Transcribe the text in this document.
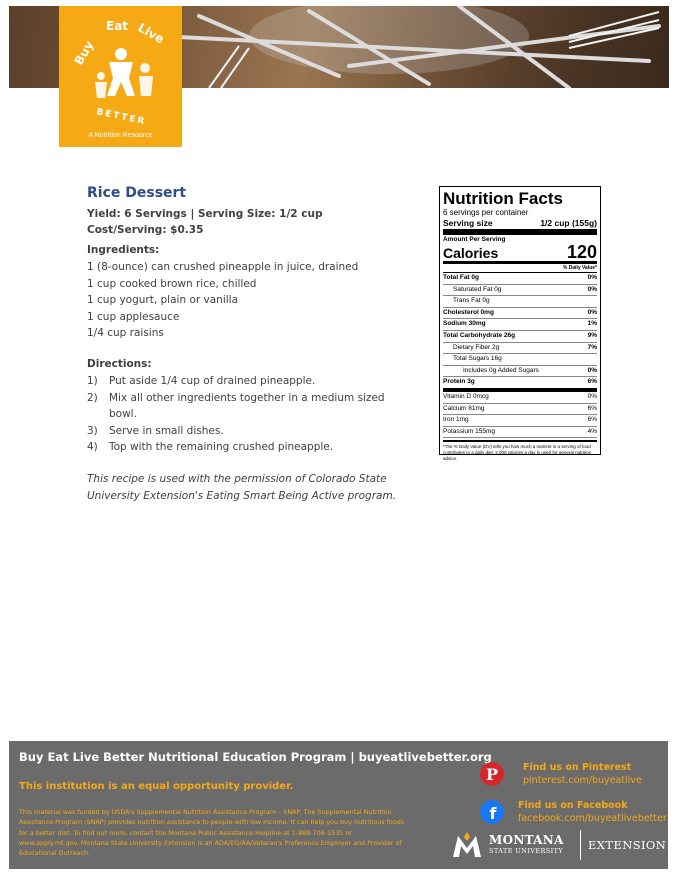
Buy
Eat Live
BETTER
A Nutrition Resource
Rice Dessert
Yield: 6 Servings | Serving Size: 1/2 cup
Cost/Serving: $0.35
Ingredients:
1 (8-ounce) can crushed pineapple in juice, drained
1 cup cooked brown rice, chilled
1 cup yogurt, plain or vanilla
1 cup applesauce
1/4 cup raisins
Directions:
1)	Put aside 1/4 cup of drained pineapple.
2)	Mix all other ingredients together in a medium sized bowl.
3)	Serve in small dishes.
4)	Top with the remaining crushed pineapple.
This recipe is used with the permission of Colorado State University Extension's Eating Smart Being Active program.
Nutrition Facts
6 servings per container
Serving size	1/2 cup (155g)
Amount Per Serving
Calories	120
% Daily Value*
Total Fat 0g	0%
Saturated Fat 0g	0%
Trans Fat 0g
Cholesterol 0mg	0%
Sodium 30mg	1%
Total Carbohydrate 26g	9%
Dietary Fiber 2g	7%
Total Sugars 16g
Includes 0g Added Sugars	0%
Protein 3g	6%
Vitamin D 0mcg	0%
Calcium 81mg	6%
Iron 1mg	6%
Potassium 155mg	4%
*The % Daily Value (DV) tells you how much a nutrient in a serving of food contributes to a daily diet. 2,000 calories a day is used for general nutrition advice.
Buy Eat Live Better Nutritional Education Program | buyeatlivebetter.org
This institution is an equal opportunity provider.
This material was funded by USDA's Supplemental Nutrition Assistance Program – SNAP. The Supplemental Nutrition Assistance Program (SNAP) provides nutrition assistance to people with low income. It can help you buy nutritious foods for a better diet. To find out more, contact the Montana Public Assistance Helpline at 1-888-706-1535 or www.apply.mt.gov. Montana State University Extension is an ADA/EO/AA/Veteran's Preference Employer and Provider of Educational Outreach.
P	Find us on Pinterest
pinterest.com/buyeatlive
f Find us on Facebook
facebook.com/buyeatlivebetter
MONTANA
STATE UNIVERSITY EXTENSION
